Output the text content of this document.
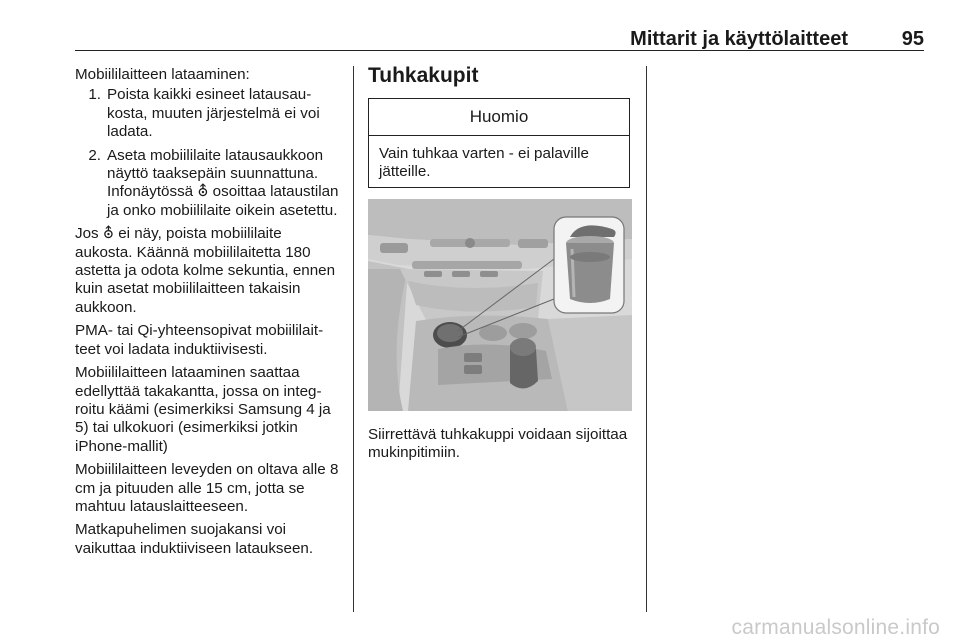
Mittarit ja käyttölaitteet	95

Mobiililaitteen lataaminen:

1. Poista kaikki esineet latausaukosta, muuten järjestelmä ei voi ladata.
2. Aseta mobiililaite latausaukkoon näyttö taaksepäin suunnattuna. Infonäytössä ⛢ osoittaa lataustilan ja onko mobiililaite oikein asetettu.

Jos ⛢ ei näy, poista mobiililaite aukosta. Käännä mobiililaitetta 180 astetta ja odota kolme sekuntia, ennen kuin asetat mobiililaitteen takaisin aukkoon.

PMA- tai Qi-yhteensopivat mobiililaitteet voi ladata induktiivisesti.

Mobiililaitteen lataaminen saattaa edellyttää takakantta, jossa on integroitu käämi (esimerkiksi Samsung 4 ja 5) tai ulkokuori (esimerkiksi jotkin iPhone-mallit)

Mobiililaitteen leveyden on oltava alle 8 cm ja pituuden alle 15 cm, jotta se mahtuu latauslaitteeseen.

Matkapuhelimen suojakansi voi vaikuttaa induktiiviseen lataukseen.

Tuhkakupit
Huomio
Vain tuhkaa varten - ei palaville jätteille.
Siirrettävä tuhkakuppi voidaan sijoittaa mukinpitimiin.
carmanualsonline.info
